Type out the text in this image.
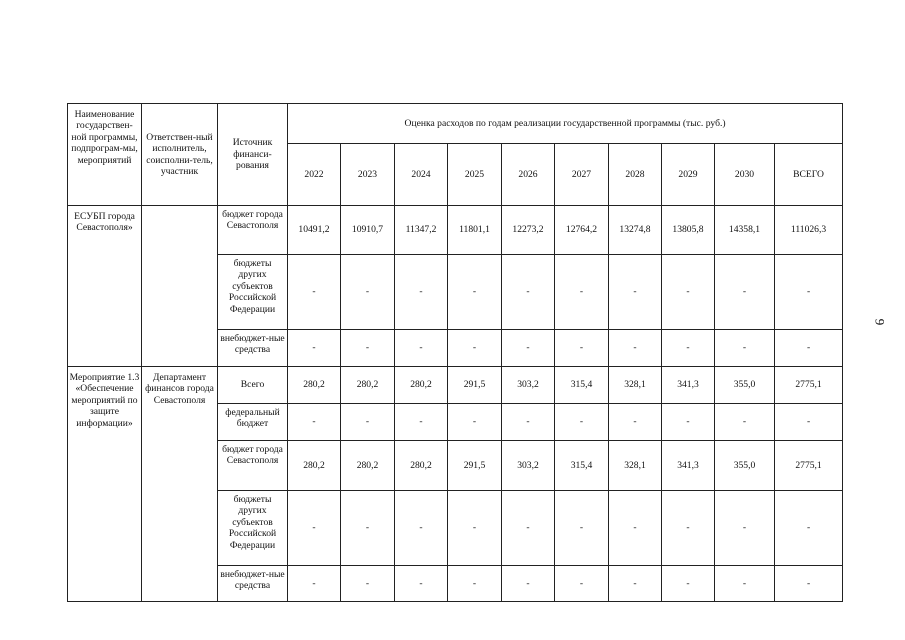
Наименование государствен-ной программы, подпрограм-мы, мероприятий	Ответствен-ный исполнитель, соисполни-тель, участник	Источник финанси-рования	Оценка расходов по годам реализации государственной программы (тыс. руб.)									
			2022	2023	2024	2025	2026	2027	2028	2029	2030	ВСЕГО
ЕСУБП города Севастополя»		бюджет города Севастополя	10491,2	10910,7	11347,2	11801,1	12273,2	12764,2	13274,8	13805,8	14358,1	111026,3
		бюджеты других субъектов Российской Федерации	-	-	-	-	-	-	-	-	-	-
		внебюджет-ные средства	-	-	-	-	-	-	-	-	-	-
Мероприятие 1.3 «Обеспечение мероприятий по защите информации»	Департамент финансов города Севастополя	Всего	280,2	280,2	280,2	291,5	303,2	315,4	328,1	341,3	355,0	2775,1
		федеральный бюджет	-	-	-	-	-	-	-	-	-	-
		бюджет города Севастополя	280,2	280,2	280,2	291,5	303,2	315,4	328,1	341,3	355,0	2775,1
		бюджеты других субъектов Российской Федерации	-	-	-	-	-	-	-	-	-	-
		внебюджет-ные средства	-	-	-	-	-	-	-	-	-	-
9
